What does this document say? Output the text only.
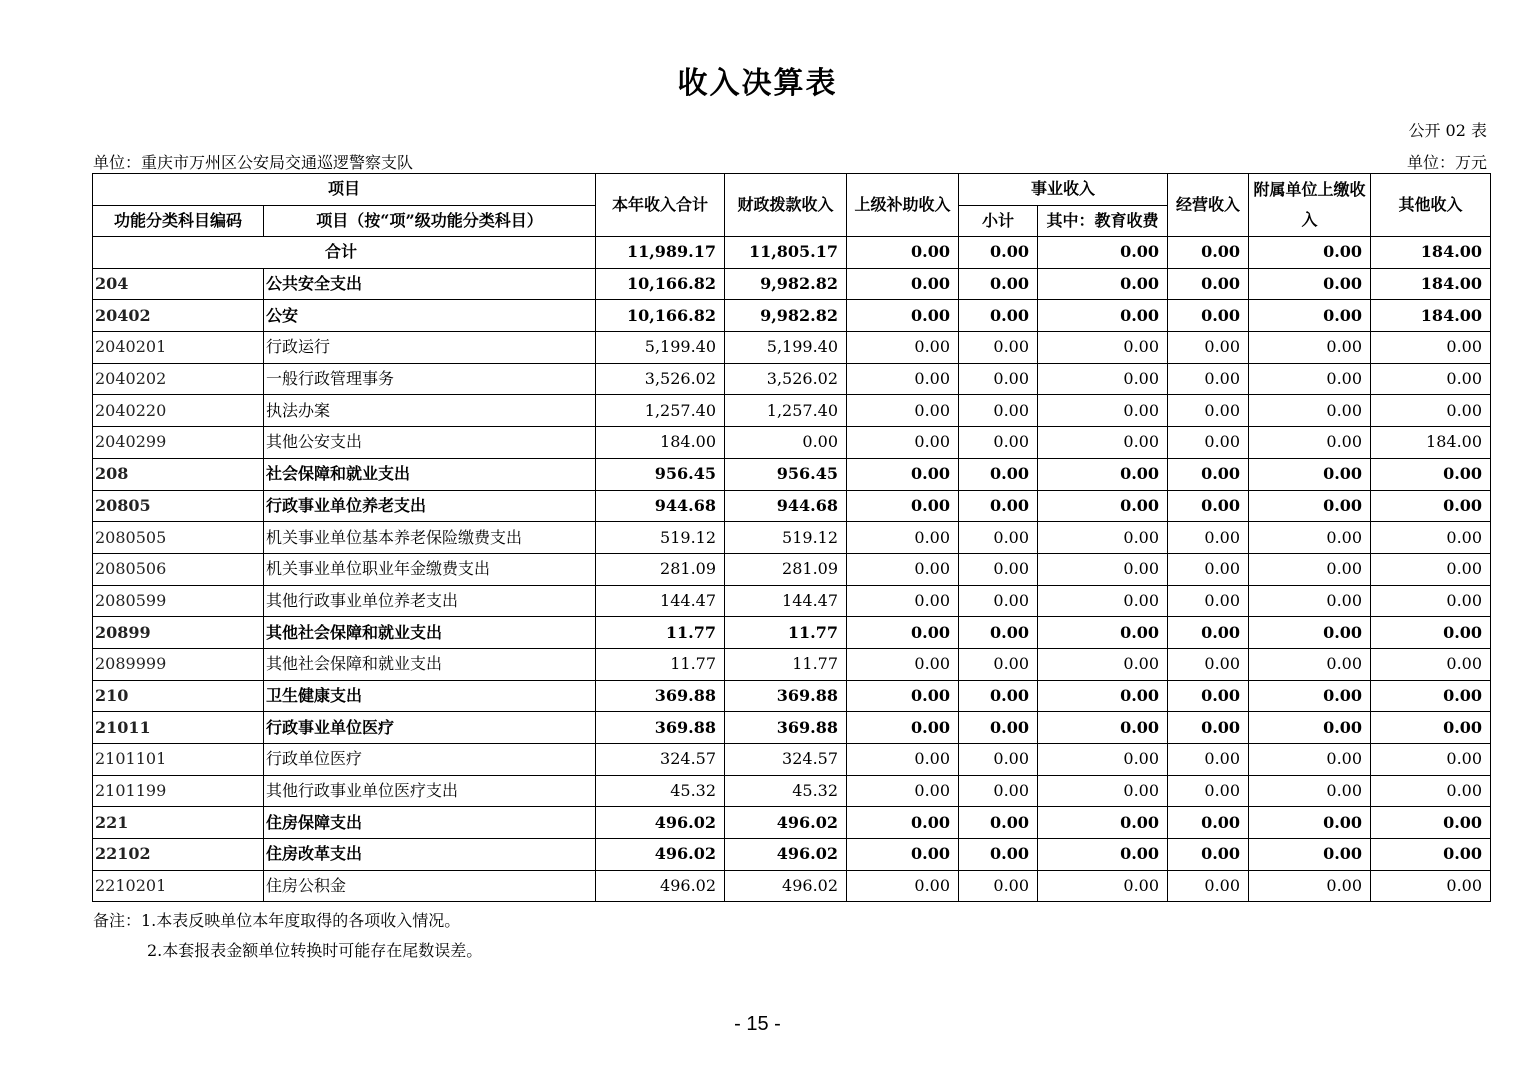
收入决算表
公开 02 表
单位：重庆市万州区公安局交通巡逻警察支队	单位：万元
项目		本年收入合计	财政拨款收入	上级补助收入	事业收入		经营收入	附属单位上缴收入	其他收入
功能分类科目编码	项目（按“项”级功能分类科目）				小计	其中：教育收费			
合计		11,989.17	11,805.17	0.00	0.00	0.00	0.00	0.00	184.00
204	公共安全支出	10,166.82	9,982.82	0.00	0.00	0.00	0.00	0.00	184.00
20402	公安	10,166.82	9,982.82	0.00	0.00	0.00	0.00	0.00	184.00
2040201	行政运行	5,199.40	5,199.40	0.00	0.00	0.00	0.00	0.00	0.00
2040202	一般行政管理事务	3,526.02	3,526.02	0.00	0.00	0.00	0.00	0.00	0.00
2040220	执法办案	1,257.40	1,257.40	0.00	0.00	0.00	0.00	0.00	0.00
2040299	其他公安支出	184.00	0.00	0.00	0.00	0.00	0.00	0.00	184.00
208	社会保障和就业支出	956.45	956.45	0.00	0.00	0.00	0.00	0.00	0.00
20805	行政事业单位养老支出	944.68	944.68	0.00	0.00	0.00	0.00	0.00	0.00
2080505	机关事业单位基本养老保险缴费支出	519.12	519.12	0.00	0.00	0.00	0.00	0.00	0.00
2080506	机关事业单位职业年金缴费支出	281.09	281.09	0.00	0.00	0.00	0.00	0.00	0.00
2080599	其他行政事业单位养老支出	144.47	144.47	0.00	0.00	0.00	0.00	0.00	0.00
20899	其他社会保障和就业支出	11.77	11.77	0.00	0.00	0.00	0.00	0.00	0.00
2089999	其他社会保障和就业支出	11.77	11.77	0.00	0.00	0.00	0.00	0.00	0.00
210	卫生健康支出	369.88	369.88	0.00	0.00	0.00	0.00	0.00	0.00
21011	行政事业单位医疗	369.88	369.88	0.00	0.00	0.00	0.00	0.00	0.00
2101101	行政单位医疗	324.57	324.57	0.00	0.00	0.00	0.00	0.00	0.00
2101199	其他行政事业单位医疗支出	45.32	45.32	0.00	0.00	0.00	0.00	0.00	0.00
221	住房保障支出	496.02	496.02	0.00	0.00	0.00	0.00	0.00	0.00
22102	住房改革支出	496.02	496.02	0.00	0.00	0.00	0.00	0.00	0.00
2210201	住房公积金	496.02	496.02	0.00	0.00	0.00	0.00	0.00	0.00
备注：1.本表反映单位本年度取得的各项收入情况。
2.本套报表金额单位转换时可能存在尾数误差。
- 15 -
